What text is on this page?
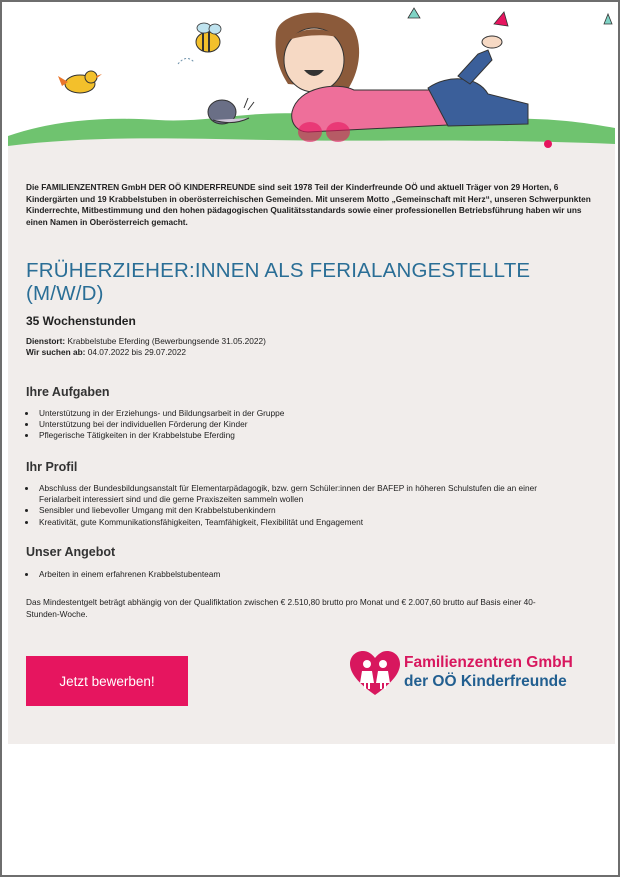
Die FAMILIENZENTREN GmbH DER OÖ KINDERFREUNDE sind seit 1978 Teil der Kinderfreunde OÖ und aktuell Träger von 29 Horten, 6 Kindergärten und 19 Krabbelstuben in oberösterreichischen Gemeinden. Mit unserem Motto „Gemeinschaft mit Herz“, unseren Schwerpunkten Kinderrechte, Mitbestimmung und den hohen pädagogischen Qualitätsstandards sowie einer professionellen Betriebsführung haben wir uns einen Namen in Oberösterreich gemacht.
FRÜHERZIEHER:INNEN ALS FERIALANGESTELLTE (M/W/D)
35 Wochenstunden
Dienstort: Krabbelstube Eferding (Bewerbungsende 31.05.2022)
Wir suchen ab: 04.07.2022 bis 29.07.2022
Ihre Aufgaben
• Unterstützung in der Erziehungs- und Bildungsarbeit in der Gruppe
• Unterstützung bei der individuellen Förderung der Kinder
• Pflegerische Tätigkeiten in der Krabbelstube Eferding
Ihr Profil
• Abschluss der Bundesbildungsanstalt für Elementarpädagogik, bzw. gern Schüler:innen der BAFEP in höheren Schulstufen die an einer Ferialarbeit interessiert sind und die gerne Praxiszeiten sammeln wollen
• Sensibler und liebevoller Umgang mit den Krabbelstubenkindern
• Kreativität, gute Kommunikationsfähigkeiten, Teamfähigkeit, Flexibilität und Engagement
Unser Angebot
• Arbeiten in einem erfahrenen Krabbelstubenteam
Das Mindestentgelt beträgt abhängig von der Qualifiktation zwischen € 2.510,80 brutto pro Monat und € 2.007,60 brutto auf Basis einer 40-Stunden-Woche.
Jetzt bewerben!
Familienzentren GmbH
der OÖ Kinderfreunde
